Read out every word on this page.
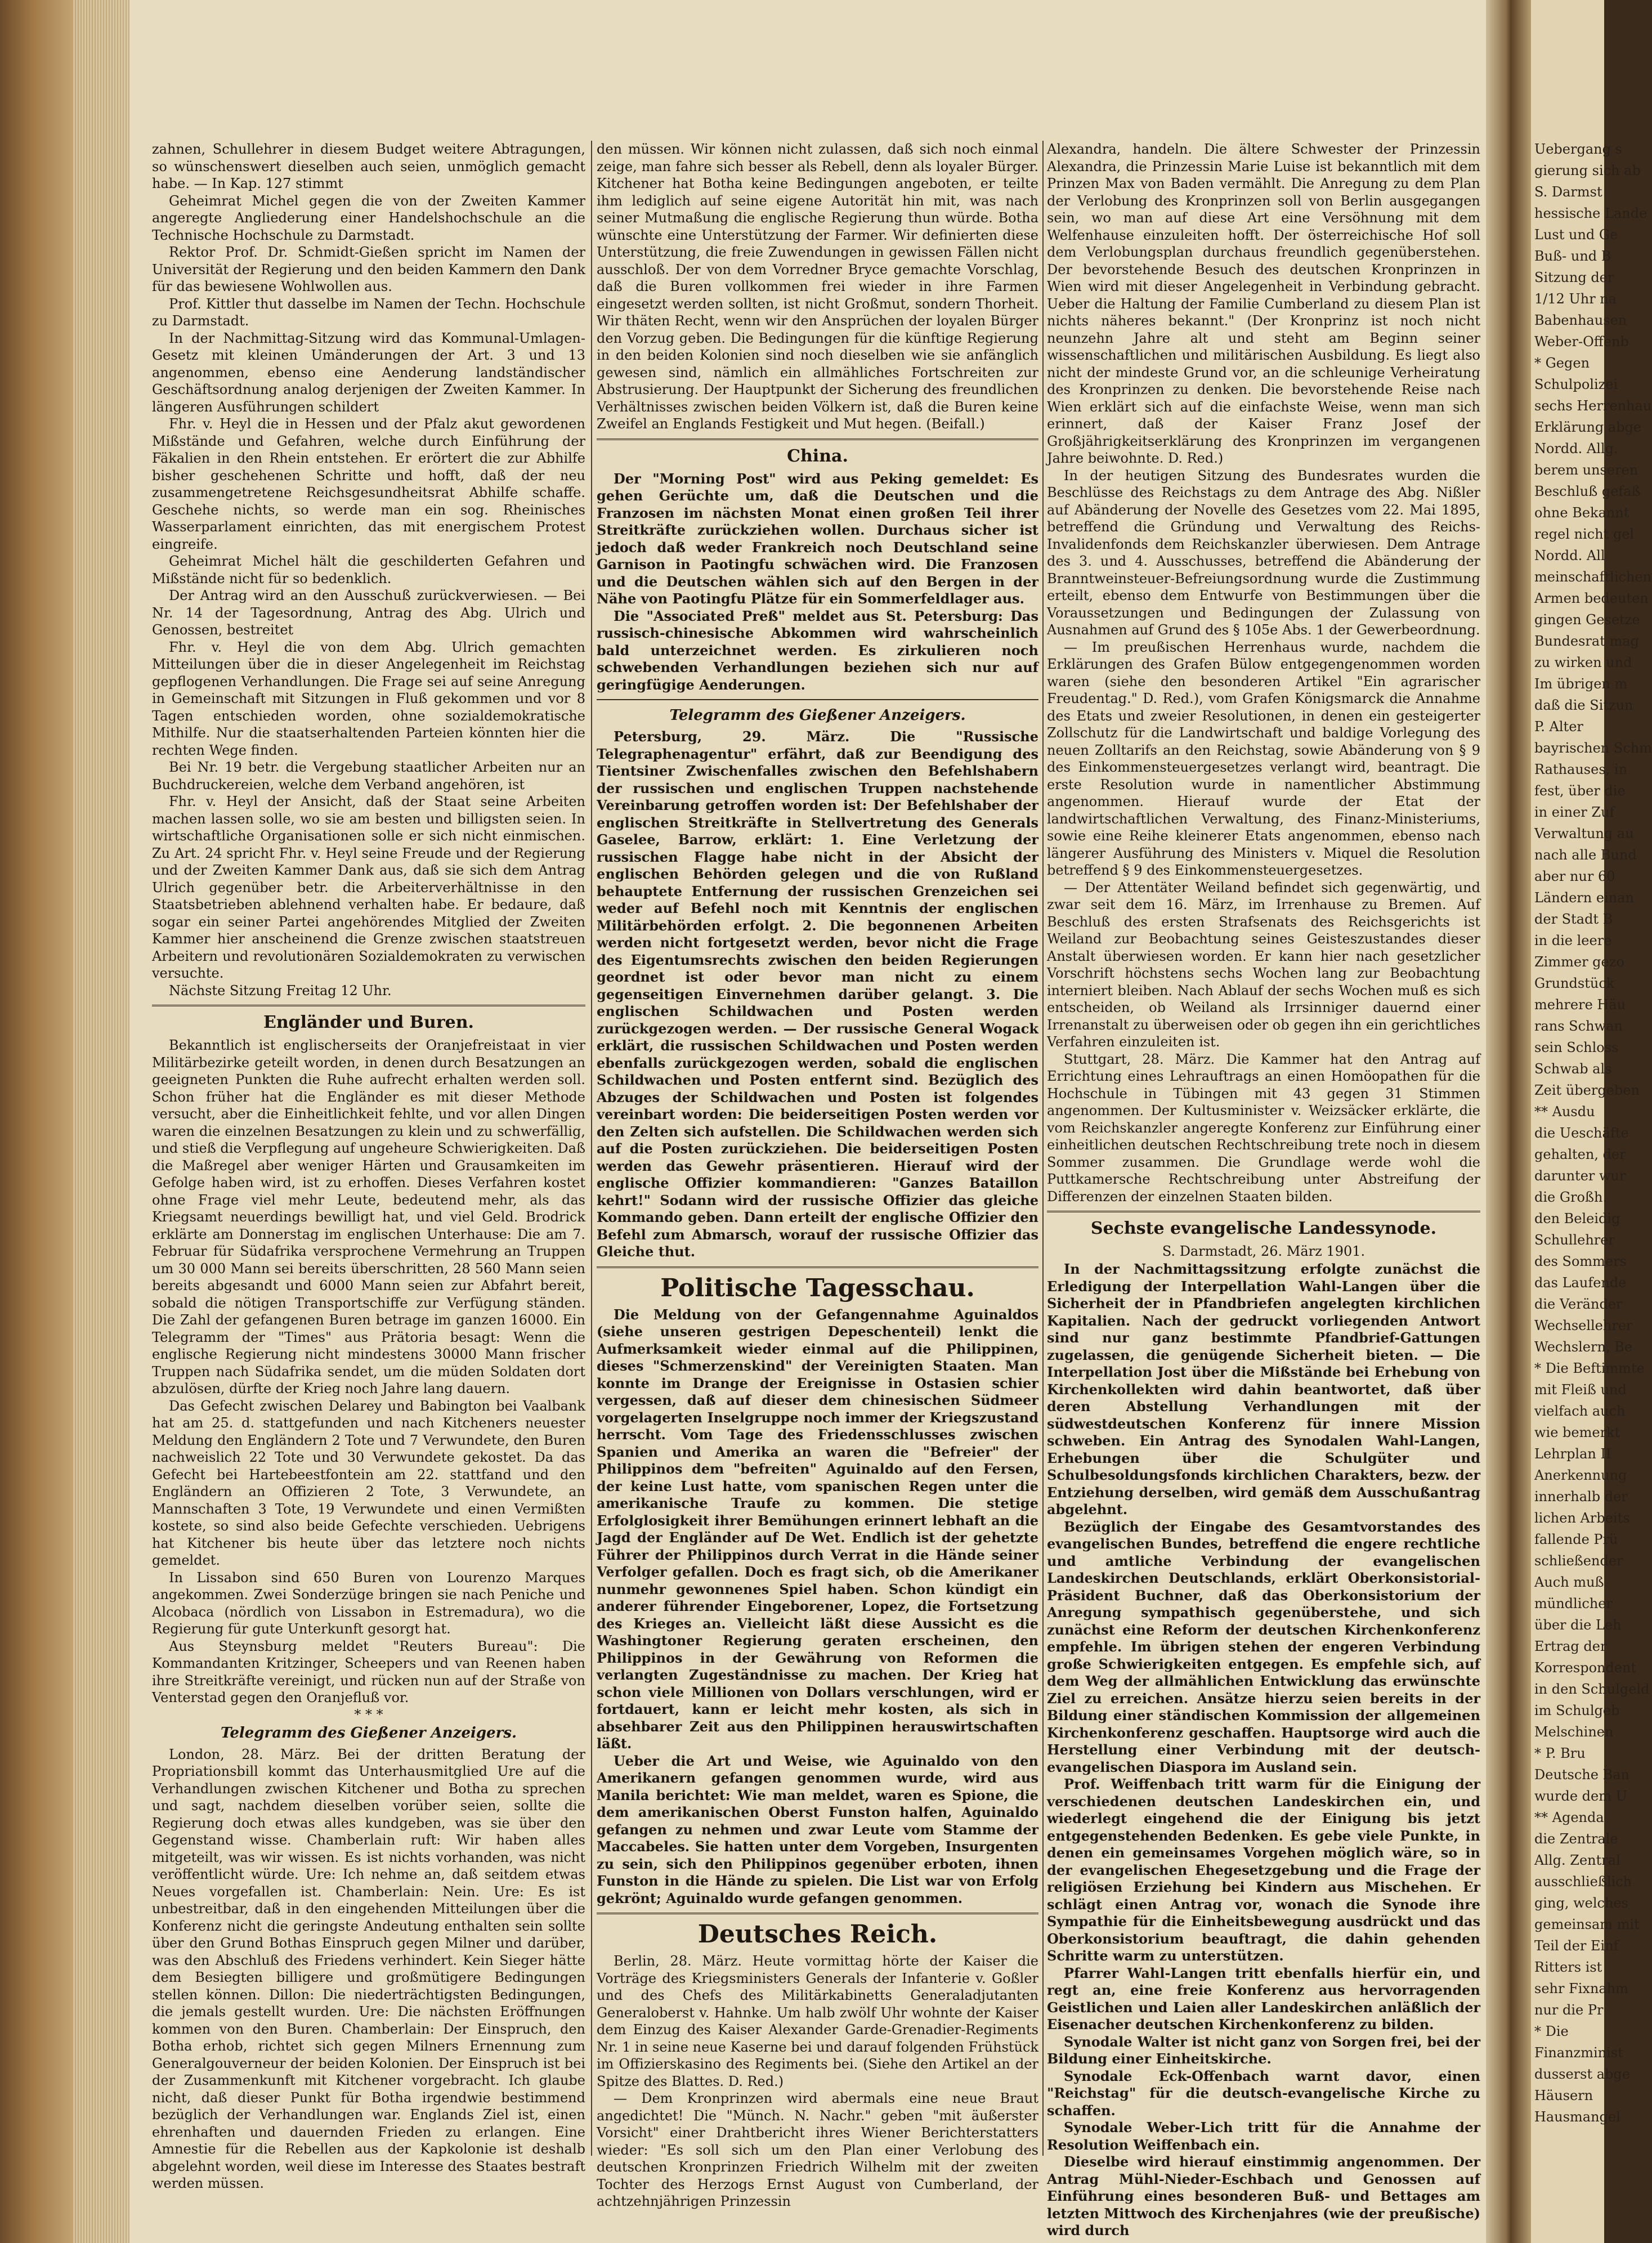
Uebergang s
gierung sich ab
S. Darmst
hessische Lande
Lust und Ge
Buß- und B
Sitzung der
1/12 Uhr na
Babenhausen
Weber-Offenb
* Gegen
Schulpolizei
sechs Herrenhau
Erklärung abge
Nordd. Allg.
berem unseren
Beschluß gefaß
ohne Bekannt
regel nicht gel
Nordd. All
meinschaftlichen
Armen bedeuten
gingen Gesetze
Bundesrat mag
zu wirken und
Im übrigen m
daß die Sitzun
P. Alter
bayrischen Schm
Rathauses, in
fest, über die
in einer Zuf
Verwaltung au
nach alle Bund
aber nur 60
Ländern einan
der Stadt B
in die leere
Zimmer gezo
Grundstück
mehrere Häu
rans Schwan
sein Schloss
Schwab als
Zeit übergeben
** Ausdu
die Ueschäfte
gehalten, der
darunter wur
die Großh.
den Beleidig
Schullehrer
des Sommers
das Laufende
die Veränder
Wechsellehrer
Wechslern, Be
* Die Beftimmte
mit Fleiß und
vielfach auch
wie bemerkt
Lehrplan II
Anerkennung
innerhalb der
lichen Arbeits
fallende Prü
schließender
Auch muß
mündlicher
über die Leh
Ertrag der
Korrespondent
in den Schulgeld
im Schulgeb
Melschinen
* P. Bru
Deutsche Ban
wurde dem U
** Agenda
die Zentrale
Allg. Zentral
ausschließlich
ging, welches
gemeinsam mit
Teil der Einf
Ritters ist
sehr Fixnahm
nur die Pr
* Die
Finanzminist
dusserst abge
Häusern
Hausmangel

zahnen, Schullehrer in diesem Budget weitere Abtragungen, so wünschenswert dieselben auch seien, unmöglich gemacht habe. — In Kap. 127 stimmt

Geheimrat Michel gegen die von der Zweiten Kammer angeregte Angliederung einer Handelshochschule an die Technische Hochschule zu Darmstadt.

Rektor Prof. Dr. Schmidt-Gießen spricht im Namen der Universität der Regierung und den beiden Kammern den Dank für das bewiesene Wohlwollen aus.

Prof. Kittler thut dasselbe im Namen der Techn. Hochschule zu Darmstadt.

In der Nachmittag-Sitzung wird das Kommunal-Umlagen-Gesetz mit kleinen Umänderungen der Art. 3 und 13 angenommen, ebenso eine Aenderung landständischer Geschäftsordnung analog derjenigen der Zweiten Kammer. In längeren Ausführungen schildert

Fhr. v. Heyl die in Hessen und der Pfalz akut gewordenen Mißstände und Gefahren, welche durch Einführung der Fäkalien in den Rhein entstehen. Er erörtert die zur Abhilfe bisher geschehenen Schritte und hofft, daß der neu zusammengetretene Reichsgesundheitsrat Abhilfe schaffe. Geschehe nichts, so werde man ein sog. Rheinisches Wasserparlament einrichten, das mit energischem Protest eingreife.

Geheimrat Michel hält die geschilderten Gefahren und Mißstände nicht für so bedenklich.

Der Antrag wird an den Ausschuß zurückverwiesen. — Bei Nr. 14 der Tagesordnung, Antrag des Abg. Ulrich und Genossen, bestreitet

Fhr. v. Heyl die von dem Abg. Ulrich gemachten Mitteilungen über die in dieser Angelegenheit im Reichstag gepflogenen Verhandlungen. Die Frage sei auf seine Anregung in Gemeinschaft mit Sitzungen in Fluß gekommen und vor 8 Tagen entschieden worden, ohne sozialdemokratische Mithilfe. Nur die staatserhaltenden Parteien könnten hier die rechten Wege finden.

Bei Nr. 19 betr. die Vergebung staatlicher Arbeiten nur an Buchdruckereien, welche dem Verband angehören, ist

Fhr. v. Heyl der Ansicht, daß der Staat seine Arbeiten machen lassen solle, wo sie am besten und billigsten seien. In wirtschaftliche Organisationen solle er sich nicht einmischen. Zu Art. 24 spricht Fhr. v. Heyl seine Freude und der Regierung und der Zweiten Kammer Dank aus, daß sie sich dem Antrag Ulrich gegenüber betr. die Arbeiterverhältnisse in den Staatsbetrieben ablehnend verhalten habe. Er bedaure, daß sogar ein seiner Partei angehörendes Mitglied der Zweiten Kammer hier anscheinend die Grenze zwischen staatstreuen Arbeitern und revolutionären Sozialdemokraten zu verwischen versuchte.

Nächste Sitzung Freitag 12 Uhr.

Engländer und Buren.

Bekanntlich ist englischerseits der Oranjefreistaat in vier Militärbezirke geteilt worden, in denen durch Besatzungen an geeigneten Punkten die Ruhe aufrecht erhalten werden soll. Schon früher hat die Engländer es mit dieser Methode versucht, aber die Einheitlichkeit fehlte, und vor allen Dingen waren die einzelnen Besatzungen zu klein und zu schwerfällig, und stieß die Verpflegung auf ungeheure Schwierigkeiten. Daß die Maßregel aber weniger Härten und Grausamkeiten im Gefolge haben wird, ist zu erhoffen. Dieses Verfahren kostet ohne Frage viel mehr Leute, bedeutend mehr, als das Kriegsamt neuerdings bewilligt hat, und viel Geld. Brodrick erklärte am Donnerstag im englischen Unterhause: Die am 7. Februar für Südafrika versprochene Vermehrung an Truppen um 30 000 Mann sei bereits überschritten, 28 560 Mann seien bereits abgesandt und 6000 Mann seien zur Abfahrt bereit, sobald die nötigen Transportschiffe zur Verfügung ständen. Die Zahl der gefangenen Buren betrage im ganzen 16000. Ein Telegramm der "Times" aus Prätoria besagt: Wenn die englische Regierung nicht mindestens 30000 Mann frischer Truppen nach Südafrika sendet, um die müden Soldaten dort abzulösen, dürfte der Krieg noch Jahre lang dauern.

Das Gefecht zwischen Delarey und Babington bei Vaalbank hat am 25. d. stattgefunden und nach Kitcheners neuester Meldung den Engländern 2 Tote und 7 Verwundete, den Buren nachweislich 22 Tote und 30 Verwundete gekostet. Da das Gefecht bei Hartebeestfontein am 22. stattfand und den Engländern an Offizieren 2 Tote, 3 Verwundete, an Mannschaften 3 Tote, 19 Verwundete und einen Vermißten kostete, so sind also beide Gefechte verschieden. Uebrigens hat Kitchener bis heute über das letztere noch nichts gemeldet.

In Lissabon sind 650 Buren von Lourenzo Marques angekommen. Zwei Sonderzüge bringen sie nach Peniche und Alcobaca (nördlich von Lissabon in Estremadura), wo die Regierung für gute Unterkunft gesorgt hat.

Aus Steynsburg meldet "Reuters Bureau": Die Kommandanten Kritzinger, Scheepers und van Reenen haben ihre Streitkräfte vereinigt, und rücken nun auf der Straße von Venterstad gegen den Oranjefluß vor.

* * *
Telegramm des Gießener Anzeigers.

London, 28. März. Bei der dritten Beratung der Propriationsbill kommt das Unterhausmitglied Ure auf die Verhandlungen zwischen Kitchener und Botha zu sprechen und sagt, nachdem dieselben vorüber seien, sollte die Regierung doch etwas alles kundgeben, was sie über den Gegenstand wisse. Chamberlain ruft: Wir haben alles mitgeteilt, was wir wissen. Es ist nichts vorhanden, was nicht veröffentlicht würde. Ure: Ich nehme an, daß seitdem etwas Neues vorgefallen ist. Chamberlain: Nein. Ure: Es ist unbestreitbar, daß in den eingehenden Mitteilungen über die Konferenz nicht die geringste Andeutung enthalten sein sollte über den Grund Bothas Einspruch gegen Milner und darüber, was den Abschluß des Friedens verhindert. Kein Sieger hätte dem Besiegten billigere und großmütigere Bedingungen stellen können. Dillon: Die niederträchtigsten Bedingungen, die jemals gestellt wurden. Ure: Die nächsten Eröffnungen kommen von den Buren. Chamberlain: Der Einspruch, den Botha erhob, richtet sich gegen Milners Ernennung zum Generalgouverneur der beiden Kolonien. Der Einspruch ist bei der Zusammenkunft mit Kitchener vorgebracht. Ich glaube nicht, daß dieser Punkt für Botha irgendwie bestimmend bezüglich der Verhandlungen war. Englands Ziel ist, einen ehrenhaften und dauernden Frieden zu erlangen. Eine Amnestie für die Rebellen aus der Kapkolonie ist deshalb abgelehnt worden, weil diese im Interesse des Staates bestraft werden müssen.

den müssen. Wir können nicht zulassen, daß sich noch einmal zeige, man fahre sich besser als Rebell, denn als loyaler Bürger. Kitchener hat Botha keine Bedingungen angeboten, er teilte ihm lediglich auf seine eigene Autorität hin mit, was nach seiner Mutmaßung die englische Regierung thun würde. Botha wünschte eine Unterstützung der Farmer. Wir definierten diese Unterstützung, die freie Zuwendungen in gewissen Fällen nicht ausschloß. Der von dem Vorredner Bryce gemachte Vorschlag, daß die Buren vollkommen frei wieder in ihre Farmen eingesetzt werden sollten, ist nicht Großmut, sondern Thorheit. Wir thäten Recht, wenn wir den Ansprüchen der loyalen Bürger den Vorzug geben. Die Bedingungen für die künftige Regierung in den beiden Kolonien sind noch dieselben wie sie anfänglich gewesen sind, nämlich ein allmähliches Fortschreiten zur Abstrusierung. Der Hauptpunkt der Sicherung des freundlichen Verhältnisses zwischen beiden Völkern ist, daß die Buren keine Zweifel an Englands Festigkeit und Mut hegen. (Beifall.)

China.

Der "Morning Post" wird aus Peking gemeldet: Es gehen Gerüchte um, daß die Deutschen und die Franzosen im nächsten Monat einen großen Teil ihrer Streitkräfte zurückziehen wollen. Durchaus sicher ist jedoch daß weder Frankreich noch Deutschland seine Garnison in Paotingfu schwächen wird. Die Franzosen und die Deutschen wählen sich auf den Bergen in der Nähe von Paotingfu Plätze für ein Sommerfeldlager aus.

Die "Associated Preß" meldet aus St. Petersburg: Das russisch-chinesische Abkommen wird wahrscheinlich bald unterzeichnet werden. Es zirkulieren noch schwebenden Verhandlungen beziehen sich nur auf geringfügige Aenderungen.

Telegramm des Gießener Anzeigers.

Petersburg, 29. März. Die "Russische Telegraphenagentur" erfährt, daß zur Beendigung des Tientsiner Zwischenfalles zwischen den Befehlshabern der russischen und englischen Truppen nachstehende Vereinbarung getroffen worden ist: Der Befehlshaber der englischen Streitkräfte in Stellvertretung des Generals Gaselee, Barrow, erklärt: 1. Eine Verletzung der russischen Flagge habe nicht in der Absicht der englischen Behörden gelegen und die von Rußland behauptete Entfernung der russischen Grenzeichen sei weder auf Befehl noch mit Kenntnis der englischen Militärbehörden erfolgt. 2. Die begonnenen Arbeiten werden nicht fortgesetzt werden, bevor nicht die Frage des Eigentumsrechts zwischen den beiden Regierungen geordnet ist oder bevor man nicht zu einem gegenseitigen Einvernehmen darüber gelangt. 3. Die englischen Schildwachen und Posten werden zurückgezogen werden. — Der russische General Wogack erklärt, die russischen Schildwachen und Posten werden ebenfalls zurückgezogen werden, sobald die englischen Schildwachen und Posten entfernt sind. Bezüglich des Abzuges der Schildwachen und Posten ist folgendes vereinbart worden: Die beiderseitigen Posten werden vor den Zelten sich aufstellen. Die Schildwachen werden sich auf die Posten zurückziehen. Die beiderseitigen Posten werden das Gewehr präsentieren. Hierauf wird der englische Offizier kommandieren: "Ganzes Bataillon kehrt!" Sodann wird der russische Offizier das gleiche Kommando geben. Dann erteilt der englische Offizier den Befehl zum Abmarsch, worauf der russische Offizier das Gleiche thut.

Politische Tagesschau.

Die Meldung von der Gefangennahme Aguinaldos (siehe unseren gestrigen Depeschenteil) lenkt die Aufmerksamkeit wieder einmal auf die Philippinen, dieses "Schmerzenskind" der Vereinigten Staaten. Man konnte im Drange der Ereignisse in Ostasien schier vergessen, daß auf dieser dem chinesischen Südmeer vorgelagerten Inselgruppe noch immer der Kriegszustand herrscht. Vom Tage des Friedensschlusses zwischen Spanien und Amerika an waren die "Befreier" der Philippinos dem "befreiten" Aguinaldo auf den Fersen, der keine Lust hatte, vom spanischen Regen unter die amerikanische Traufe zu kommen. Die stetige Erfolglosigkeit ihrer Bemühungen erinnert lebhaft an die Jagd der Engländer auf De Wet. Endlich ist der gehetzte Führer der Philippinos durch Verrat in die Hände seiner Verfolger gefallen. Doch es fragt sich, ob die Amerikaner nunmehr gewonnenes Spiel haben. Schon kündigt ein anderer führender Eingeborener, Lopez, die Fortsetzung des Krieges an. Vielleicht läßt diese Aussicht es die Washingtoner Regierung geraten erscheinen, den Philippinos in der Gewährung von Reformen die verlangten Zugeständnisse zu machen. Der Krieg hat schon viele Millionen von Dollars verschlungen, wird er fortdauert, kann er leicht mehr kosten, als sich in absehbarer Zeit aus den Philippinen herauswirtschaften läßt.

Ueber die Art und Weise, wie Aguinaldo von den Amerikanern gefangen genommen wurde, wird aus Manila berichtet: Wie man meldet, waren es Spione, die dem amerikanischen Oberst Funston halfen, Aguinaldo gefangen zu nehmen und zwar Leute vom Stamme der Maccabeles. Sie hatten unter dem Vorgeben, Insurgenten zu sein, sich den Philippinos gegenüber erboten, ihnen Funston in die Hände zu spielen. Die List war von Erfolg gekrönt; Aguinaldo wurde gefangen genommen.

Deutsches Reich.

Berlin, 28. März. Heute vormittag hörte der Kaiser die Vorträge des Kriegsministers Generals der Infanterie v. Goßler und des Chefs des Militärkabinetts Generaladjutanten Generaloberst v. Hahnke. Um halb zwölf Uhr wohnte der Kaiser dem Einzug des Kaiser Alexander Garde-Grenadier-Regiments Nr. 1 in seine neue Kaserne bei und darauf folgenden Frühstück im Offizierskasino des Regiments bei. (Siehe den Artikel an der Spitze des Blattes. D. Red.)

— Dem Kronprinzen wird abermals eine neue Braut angedichtet! Die "Münch. N. Nachr." geben "mit äußerster Vorsicht" einer Drahtbericht ihres Wiener Berichterstatters wieder: "Es soll sich um den Plan einer Verlobung des deutschen Kronprinzen Friedrich Wilhelm mit der zweiten Tochter des Herzogs Ernst August von Cumberland, der achtzehnjährigen Prinzessin

Alexandra, handeln. Die ältere Schwester der Prinzessin Alexandra, die Prinzessin Marie Luise ist bekanntlich mit dem Prinzen Max von Baden vermählt. Die Anregung zu dem Plan der Verlobung des Kronprinzen soll von Berlin ausgegangen sein, wo man auf diese Art eine Versöhnung mit dem Welfenhause einzuleiten hofft. Der österreichische Hof soll dem Verlobungsplan durchaus freundlich gegenüberstehen. Der bevorstehende Besuch des deutschen Kronprinzen in Wien wird mit dieser Angelegenheit in Verbindung gebracht. Ueber die Haltung der Familie Cumberland zu diesem Plan ist nichts näheres bekannt." (Der Kronprinz ist noch nicht neunzehn Jahre alt und steht am Beginn seiner wissenschaftlichen und militärischen Ausbildung. Es liegt also nicht der mindeste Grund vor, an die schleunige Verheiratung des Kronprinzen zu denken. Die bevorstehende Reise nach Wien erklärt sich auf die einfachste Weise, wenn man sich erinnert, daß der Kaiser Franz Josef der Großjährigkeitserklärung des Kronprinzen im vergangenen Jahre beiwohnte. D. Red.)

In der heutigen Sitzung des Bundesrates wurden die Beschlüsse des Reichstags zu dem Antrage des Abg. Nißler auf Abänderung der Novelle des Gesetzes vom 22. Mai 1895, betreffend die Gründung und Verwaltung des Reichs-Invalidenfonds dem Reichskanzler überwiesen. Dem Antrage des 3. und 4. Ausschusses, betreffend die Abänderung der Branntweinsteuer-Befreiungsordnung wurde die Zustimmung erteilt, ebenso dem Entwurfe von Bestimmungen über die Voraussetzungen und Bedingungen der Zulassung von Ausnahmen auf Grund des § 105e Abs. 1 der Gewerbeordnung.

— Im preußischen Herrenhaus wurde, nachdem die Erklärungen des Grafen Bülow entgegengenommen worden waren (siehe den besonderen Artikel "Ein agrarischer Freudentag." D. Red.), vom Grafen Königsmarck die Annahme des Etats und zweier Resolutionen, in denen ein gesteigerter Zollschutz für die Landwirtschaft und baldige Vorlegung des neuen Zolltarifs an den Reichstag, sowie Abänderung von § 9 des Einkommensteuergesetzes verlangt wird, beantragt. Die erste Resolution wurde in namentlicher Abstimmung angenommen. Hierauf wurde der Etat der landwirtschaftlichen Verwaltung, des Finanz-Ministeriums, sowie eine Reihe kleinerer Etats angenommen, ebenso nach längerer Ausführung des Ministers v. Miquel die Resolution betreffend § 9 des Einkommensteuergesetzes.

— Der Attentäter Weiland befindet sich gegenwärtig, und zwar seit dem 16. März, im Irrenhause zu Bremen. Auf Beschluß des ersten Strafsenats des Reichsgerichts ist Weiland zur Beobachtung seines Geisteszustandes dieser Anstalt überwiesen worden. Er kann hier nach gesetzlicher Vorschrift höchstens sechs Wochen lang zur Beobachtung interniert bleiben. Nach Ablauf der sechs Wochen muß es sich entscheiden, ob Weiland als Irrsinniger dauernd einer Irrenanstalt zu überweisen oder ob gegen ihn ein gerichtliches Verfahren einzuleiten ist.

Stuttgart, 28. März. Die Kammer hat den Antrag auf Errichtung eines Lehrauftrags an einen Homöopathen für die Hochschule in Tübingen mit 43 gegen 31 Stimmen angenommen. Der Kultusminister v. Weizsäcker erklärte, die vom Reichskanzler angeregte Konferenz zur Einführung einer einheitlichen deutschen Rechtschreibung trete noch in diesem Sommer zusammen. Die Grundlage werde wohl die Puttkamersche Rechtschreibung unter Abstreifung der Differenzen der einzelnen Staaten bilden.

Sechste evangelische Landessynode.
S. Darmstadt, 26. März 1901.

In der Nachmittagssitzung erfolgte zunächst die Erledigung der Interpellation Wahl-Langen über die Sicherheit der in Pfandbriefen angelegten kirchlichen Kapitalien. Nach der gedruckt vorliegenden Antwort sind nur ganz bestimmte Pfandbrief-Gattungen zugelassen, die genügende Sicherheit bieten. — Die Interpellation Jost über die Mißstände bei Erhebung von Kirchenkollekten wird dahin beantwortet, daß über deren Abstellung Verhandlungen mit der südwestdeutschen Konferenz für innere Mission schweben. Ein Antrag des Synodalen Wahl-Langen, Erhebungen über die Schulgüter und Schulbesoldungsfonds kirchlichen Charakters, bezw. der Entziehung derselben, wird gemäß dem Ausschußantrag abgelehnt.

Bezüglich der Eingabe des Gesamtvorstandes des evangelischen Bundes, betreffend die engere rechtliche und amtliche Verbindung der evangelischen Landeskirchen Deutschlands, erklärt Oberkonsistorial-Präsident Buchner, daß das Oberkonsistorium der Anregung sympathisch gegenüberstehe, und sich zunächst eine Reform der deutschen Kirchenkonferenz empfehle. Im übrigen stehen der engeren Verbindung große Schwierigkeiten entgegen. Es empfehle sich, auf dem Weg der allmählichen Entwicklung das erwünschte Ziel zu erreichen. Ansätze hierzu seien bereits in der Bildung einer ständischen Kommission der allgemeinen Kirchenkonferenz geschaffen. Hauptsorge wird auch die Herstellung einer Verbindung mit der deutsch-evangelischen Diaspora im Ausland sein.

Prof. Weiffenbach tritt warm für die Einigung der verschiedenen deutschen Landeskirchen ein, und wiederlegt eingehend die der Einigung bis jetzt entgegenstehenden Bedenken. Es gebe viele Punkte, in denen ein gemeinsames Vorgehen möglich wäre, so in der evangelischen Ehegesetzgebung und die Frage der religiösen Erziehung bei Kindern aus Mischehen. Er schlägt einen Antrag vor, wonach die Synode ihre Sympathie für die Einheitsbewegung ausdrückt und das Oberkonsistorium beauftragt, die dahin gehenden Schritte warm zu unterstützen.

Pfarrer Wahl-Langen tritt ebenfalls hierfür ein, und regt an, eine freie Konferenz aus hervorragenden Geistlichen und Laien aller Landeskirchen anläßlich der Eisenacher deutschen Kirchenkonferenz zu bilden.

Synodale Walter ist nicht ganz von Sorgen frei, bei der Bildung einer Einheitskirche.

Synodale Eck-Offenbach warnt davor, einen "Reichstag" für die deutsch-evangelische Kirche zu schaffen.

Synodale Weber-Lich tritt für die Annahme der Resolution Weiffenbach ein.

Dieselbe wird hierauf einstimmig angenommen. Der Antrag Mühl-Nieder-Eschbach und Genossen auf Einführung eines besonderen Buß- und Bettages am letzten Mittwoch des Kirchenjahres (wie der preußische) wird durch
